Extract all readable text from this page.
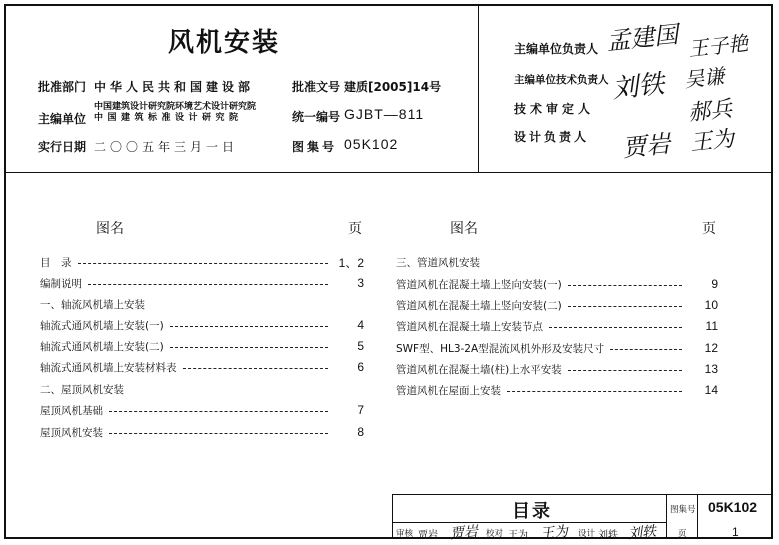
风机安装
批准部门 中华人民共和国建设部
主编单位
中国建筑设计研究院环境艺术设计研究院
中国建筑标准设计研究院
实行日期 二〇〇五年三月一日
批准文号 建质[2005]14号
统一编号 GJBT—811
图集号 05K102
主编单位负责人 孟建国 王子艳
主编单位技术负责人 刘铁 吴谦
技术审定人	郝兵
设计负责人 贾岩 王为
图名	页	图名	页
目　录	1、2
编制说明	3
一、轴流风机墙上安装
轴流式通风机墙上安装(一)	4
轴流式通风机墙上安装(二)	5
轴流式通风机墙上安装材料表	6
二、屋顶风机安装
屋顶风机基础	7
屋顶风机安装	8
三、管道风机安装
管道风机在混凝土墙上竖向安装(一)	9
管道风机在混凝土墙上竖向安装(二)	10
管道风机在混凝土墙上安装节点	11
SWF型、HL3-2A型混流风机外形及安装尺寸	12
管道风机在混凝土墙(柱)上水平安装	13
管道风机在屋面上安装	14
目录	图集号 05K102
审核 贾岩 贾岩 校对 王为 王为 设计 刘轶 刘轶 页	1
